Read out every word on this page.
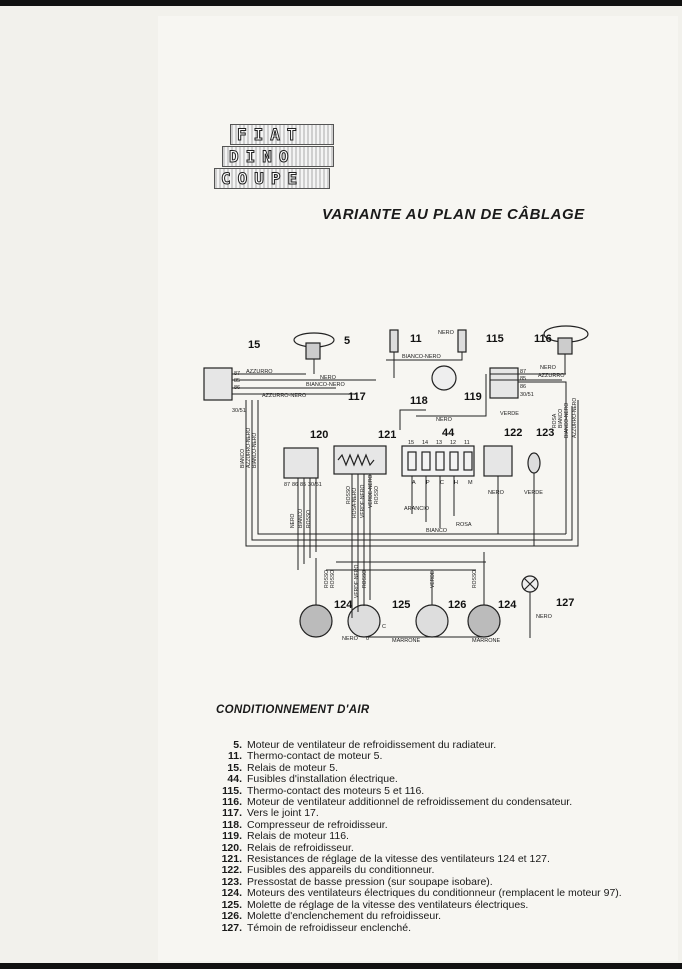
FIAT
DINO
COUPE
VARIANTE AU PLAN DE CÂBLAGE
15	5	11	115	116
117	118	119
120	121	44	122 123
124	125	126	124	127
87
85
86
30/51
87
85
86
30/51
87 86 85 30/51
15 14 13 12 11
0
C
AZZURRO
NERO
BIANCO-NERO
AZZURRO-NERO
NERO
BIANCO-NERO
NERO
AZZURRO
VERDE
NERO
MARRONE	MARRONE
NERO
NERO
ARANCIO
BIANCO
ROSA
NERO	VERDE
A P C H M
BIANCO AZZURRO-NERO BIANCO-NERO
ROSA BIANCO BIANCO-NERO AZZURRO-NERO
ROSSO ROSSO	VERDE-NERO ROSSO	VERDE	ROSSO
ROSA-NERO VERDE-NERO
NERO BIANCO ROSSO
ROSSO	VERDE-NERO ROSSO
CONDITIONNEMENT D'AIR
5. Moteur de ventilateur de refroidissement du radiateur.
11. Thermo-contact de moteur 5.
15. Relais de moteur 5.
44. Fusibles d'installation électrique.
115. Thermo-contact des moteurs 5 et 116.
116. Moteur de ventilateur additionnel de refroidissement du condensateur.
117. Vers le joint 17.
118. Compresseur de refroidisseur.
119. Relais de moteur 116.
120. Relais de refroidisseur.
121. Resistances de réglage de la vitesse des ventilateurs 124 et 127.
122. Fusibles des appareils du conditionneur.
123. Pressostat de basse pression (sur soupape isobare).
124. Moteurs des ventilateurs électriques du conditionneur (remplacent le moteur 97).
125. Molette de réglage de la vitesse des ventilateurs électriques.
126. Molette d'enclenchement du refroidisseur.
127. Témoin de refroidisseur enclenché.
